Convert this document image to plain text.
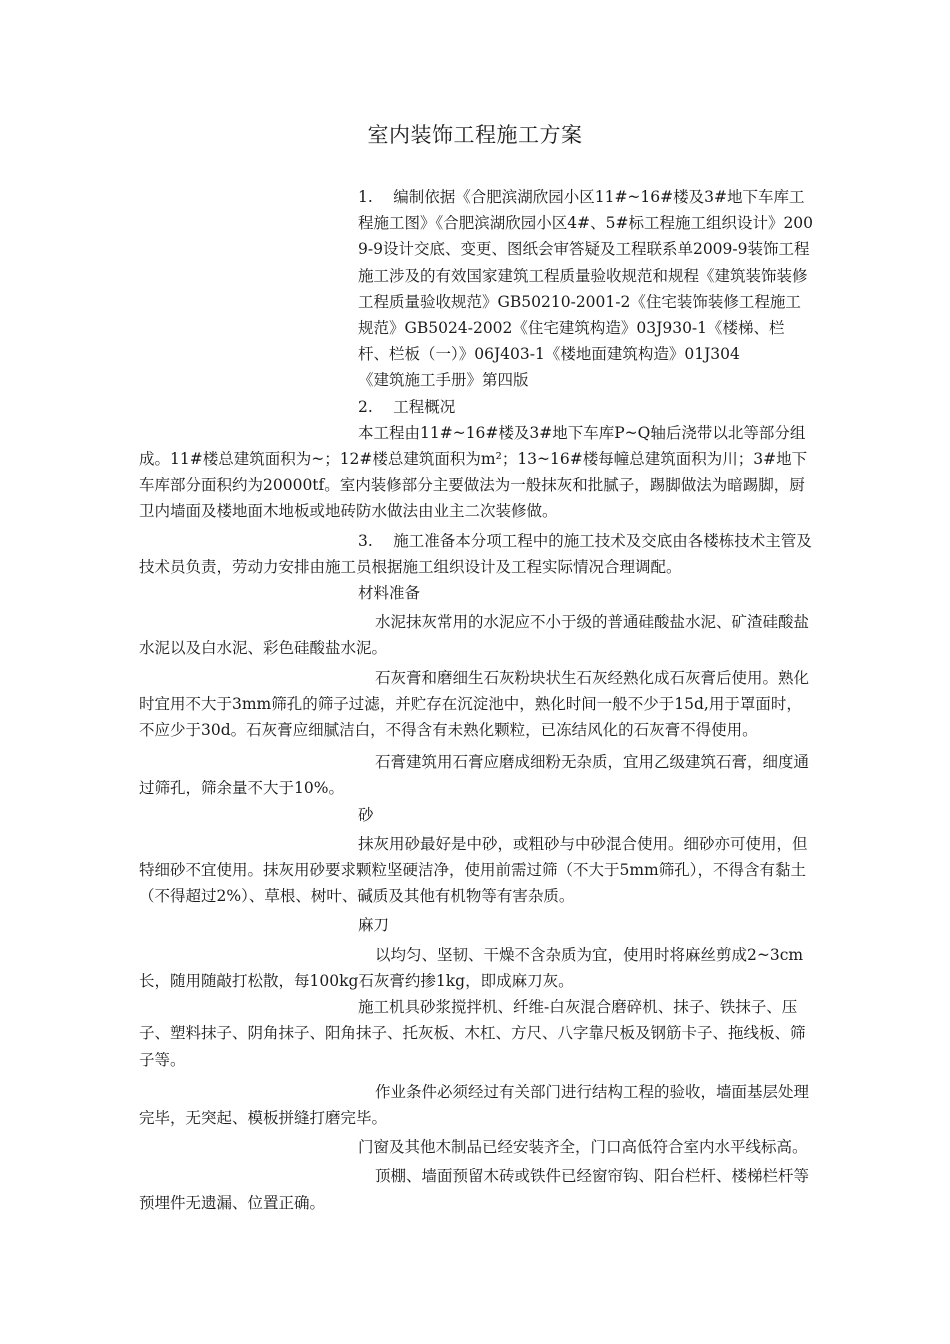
室内装饰工程施工方案

1.　 编制依据《合肥滨湖欣园小区11#~16#楼及3#地下车库工程施工图》《合肥滨湖欣园小区4#、5#标工程施工组织设计》2009-9设计交底、变更、图纸会审答疑及工程联系单2009-9装饰工程施工涉及的有效国家建筑工程质量验收规范和规程《建筑装饰装修工程质量验收规范》GB50210-2001-2《住宅装饰装修工程施工规范》GB5024-2002《住宅建筑构造》03J930-1《楼梯、栏杆、栏板（一）》06J403-1《楼地面建筑构造》01J304

《建筑施工手册》第四版

2.　 工程概况

本工程由11#~16#楼及3#地下车库P~Q轴后浇带以北等部分组成。11#楼总建筑面积为~；12#楼总建筑面积为m²；13~16#楼每幢总建筑面积为川；3#地下车库部分面积约为20000tf。室内装修部分主要做法为一般抹灰和批腻子，踢脚做法为暗踢脚，厨卫内墙面及楼地面木地板或地砖防水做法由业主二次装修做。

3.　 施工准备本分项工程中的施工技术及交底由各楼栋技术主管及技术员负责，劳动力安排由施工员根据施工组织设计及工程实际情况合理调配。

材料准备

水泥抹灰常用的水泥应不小于级的普通硅酸盐水泥、矿渣硅酸盐水泥以及白水泥、彩色硅酸盐水泥。

石灰膏和磨细生石灰粉块状生石灰经熟化成石灰膏后使用。熟化时宜用不大于3mm筛孔的筛子过滤，并贮存在沉淀池中，熟化时间一般不少于15d,用于罩面时，不应少于30d。石灰膏应细腻洁白，不得含有未熟化颗粒，已冻结风化的石灰膏不得使用。

石膏建筑用石膏应磨成细粉无杂质，宜用乙级建筑石膏，细度通过筛孔，筛余量不大于10%。

砂

抹灰用砂最好是中砂，或粗砂与中砂混合使用。细砂亦可使用，但特细砂不宜使用。抹灰用砂要求颗粒坚硬洁净，使用前需过筛（不大于5mm筛孔），不得含有黏土（不得超过2%）、草根、树叶、碱质及其他有机物等有害杂质。

麻刀

以均匀、坚韧、干燥不含杂质为宜，使用时将麻丝剪成2~3cm长，随用随敲打松散，每100kg石灰膏约掺1kg，即成麻刀灰。

施工机具砂浆搅拌机、纤维-白灰混合磨碎机、抹子、铁抹子、压子、塑料抹子、阴角抹子、阳角抹子、托灰板、木杠、方尺、八字靠尺板及钢筋卡子、拖线板、筛子等。

作业条件必须经过有关部门进行结构工程的验收，墙面基层处理完毕，无突起、模板拼缝打磨完毕。

门窗及其他木制品已经安装齐全，门口高低符合室内水平线标高。

顶棚、墙面预留木砖或铁件已经窗帘钩、阳台栏杆、楼梯栏杆等预埋件无遗漏、位置正确。
